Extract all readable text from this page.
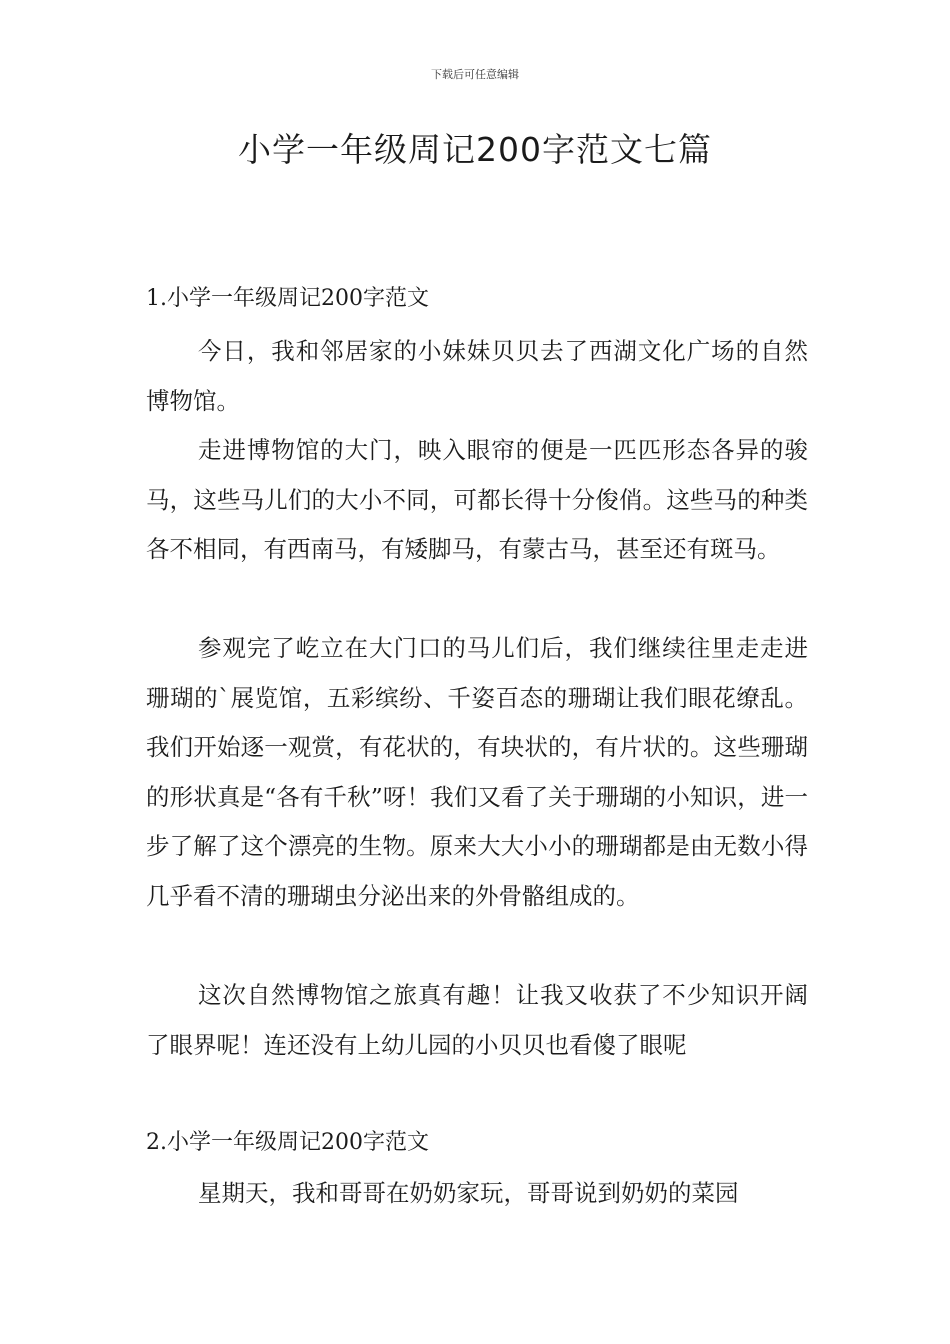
下载后可任意编辑
小学一年级周记200字范文七篇
1.小学一年级周记200字范文

今日，我和邻居家的小妹妹贝贝去了西湖文化广场的自然博物馆。

走进博物馆的大门，映入眼帘的便是一匹匹形态各异的骏马，这些马儿们的大小不同，可都长得十分俊俏。这些马的种类各不相同，有西南马，有矮脚马，有蒙古马，甚至还有斑马。

参观完了屹立在大门口的马儿们后，我们继续往里走走进珊瑚的`展览馆，五彩缤纷、千姿百态的珊瑚让我们眼花缭乱。我们开始逐一观赏，有花状的，有块状的，有片状的。这些珊瑚的形状真是“各有千秋”呀！我们又看了关于珊瑚的小知识，进一步了解了这个漂亮的生物。原来大大小小的珊瑚都是由无数小得几乎看不清的珊瑚虫分泌出来的外骨骼组成的。

这次自然博物馆之旅真有趣！让我又收获了不少知识开阔了眼界呢！连还没有上幼儿园的小贝贝也看傻了眼呢

2.小学一年级周记200字范文

星期天，我和哥哥在奶奶家玩，哥哥说到奶奶的菜园
